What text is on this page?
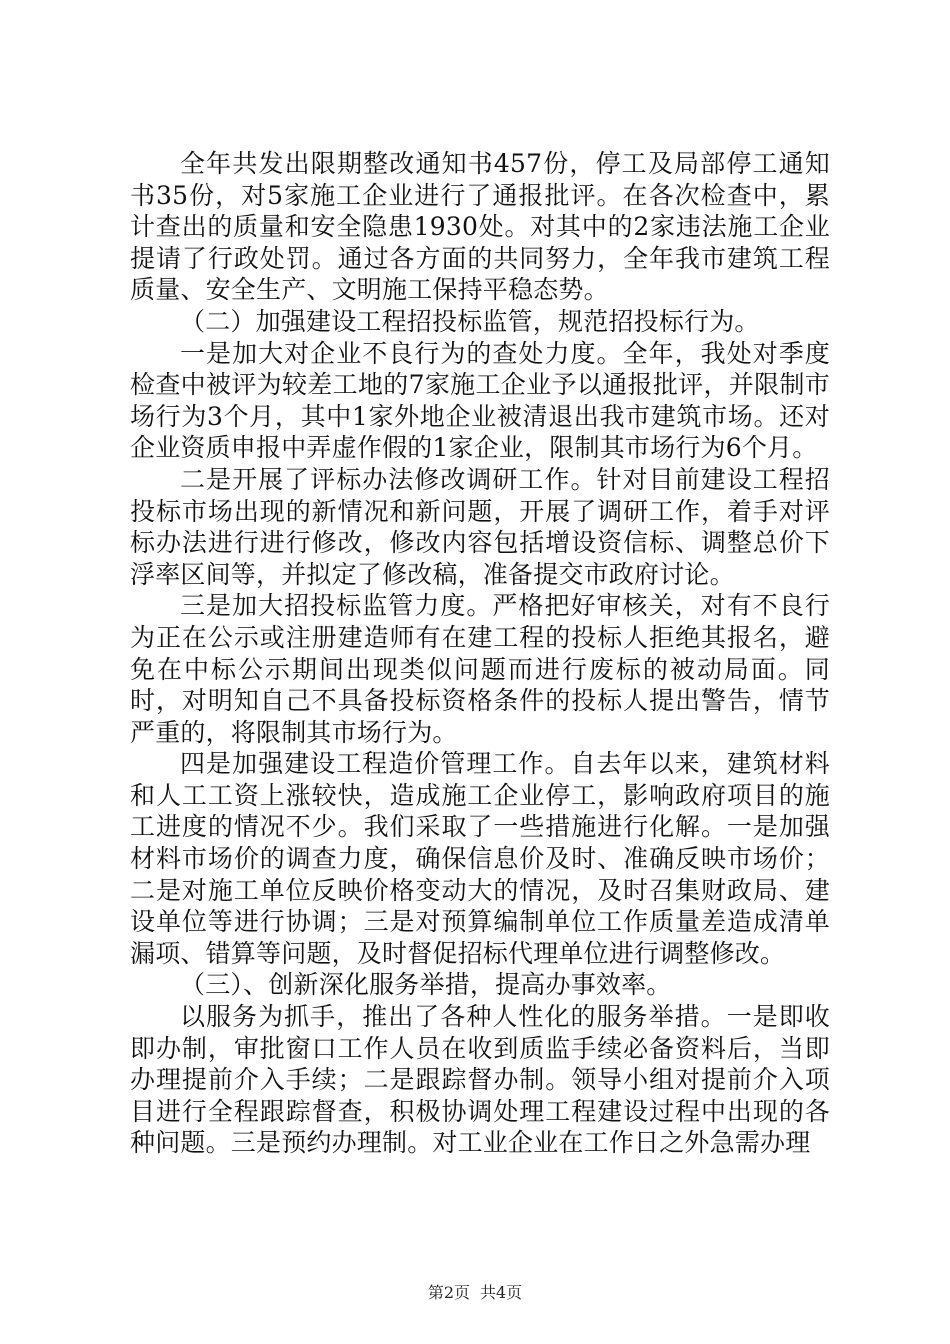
全年共发出限期整改通知书457份，停工及局部停工通知书35份，对5家施工企业进行了通报批评。在各次检查中，累计查出的质量和安全隐患1930处。对其中的2家违法施工企业提请了行政处罚。通过各方面的共同努力，全年我市建筑工程质量、安全生产、文明施工保持平稳态势。

（二）加强建设工程招投标监管，规范招投标行为。

一是加大对企业不良行为的查处力度。全年，我处对季度检查中被评为较差工地的7家施工企业予以通报批评，并限制市场行为3个月，其中1家外地企业被清退出我市建筑市场。还对企业资质申报中弄虚作假的1家企业，限制其市场行为6个月。

二是开展了评标办法修改调研工作。针对目前建设工程招投标市场出现的新情况和新问题，开展了调研工作，着手对评标办法进行进行修改，修改内容包括增设资信标、调整总价下浮率区间等，并拟定了修改稿，准备提交市政府讨论。

三是加大招投标监管力度。严格把好审核关，对有不良行为正在公示或注册建造师有在建工程的投标人拒绝其报名，避免在中标公示期间出现类似问题而进行废标的被动局面。同时，对明知自己不具备投标资格条件的投标人提出警告，情节严重的，将限制其市场行为。

四是加强建设工程造价管理工作。自去年以来，建筑材料和人工工资上涨较快，造成施工企业停工，影响政府项目的施工进度的情况不少。我们采取了一些措施进行化解。一是加强材料市场价的调查力度，确保信息价及时、准确反映市场价；二是对施工单位反映价格变动大的情况，及时召集财政局、建设单位等进行协调；三是对预算编制单位工作质量差造成清单漏项、错算等问题，及时督促招标代理单位进行调整修改。

（三）、创新深化服务举措，提高办事效率。

以服务为抓手，推出了各种人性化的服务举措。一是即收即办制，审批窗口工作人员在收到质监手续必备资料后，当即办理提前介入手续；二是跟踪督办制。领导小组对提前介入项目进行全程跟踪督查，积极协调处理工程建设过程中出现的各种问题。三是预约办理制。对工业企业在工作日之外急需办理

第2页 共4页
